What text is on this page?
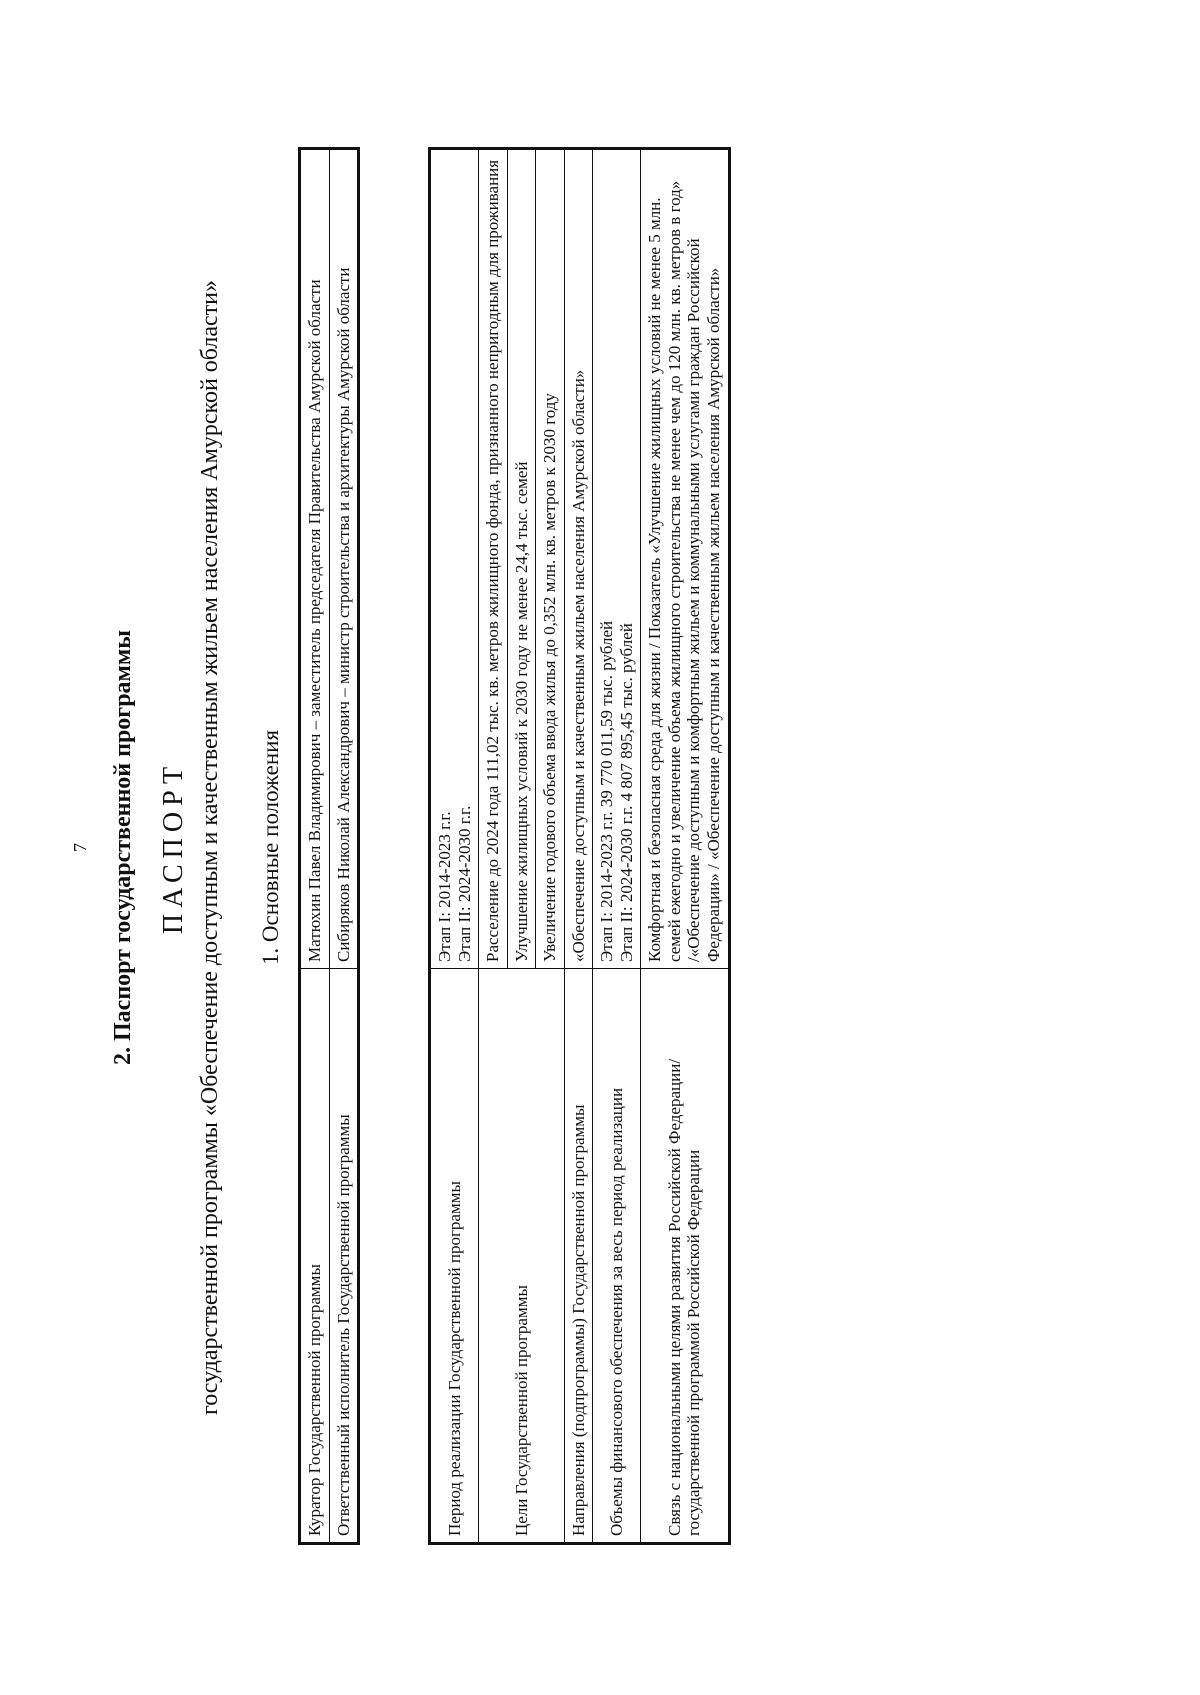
7 2. Паспорт государственной программы ПАСПОРТ государственной программы «Обеспечение доступным и качественным жильем населения Амурской области» 1. Основные положения
Куратор Государственной программы	Матюхин Павел Владимирович – заместитель председателя Правительства Амурской области
Ответственный исполнитель Государственной программы	Сибиряков Николай Александрович – министр строительства и архитектуры Амурской области
Период реализации Государственной программы	Этап I: 2014-2023 г.г. Этап II: 2024-2030 г.г.

Цели Государственной программы	Расселение до 2024 года 111,02 тыс. кв. метров жилищного фонда, признанного непригодным для проживания
	Улучшение жилищных условий к 2030 году не менее 24,4 тыс. семей
	Увеличение годового объема ввода жилья до 0,352 млн. кв. метров к 2030 году
Направления (подпрограммы) Государственной программы	«Обеспечение доступным и качественным жильем населения Амурской области»
Объемы финансового обеспечения за весь период реализации	Этап I: 2014-2023 г.г. 39 770 011,59 тыс. рублей Этап II: 2024-2030 г.г. 4 807 895,45 тыс. рублей

Связь с национальными целями развития Российской Федерации/ государственной программой Российской Федерации	Комфортная и безопасная среда для жизни / Показатель «Улучшение жилищных условий не менее 5 млн. семей ежегодно и увеличение объема жилищного строительства не менее чем до 120 млн. кв. метров в год» /«Обеспечение доступным и комфортным жильем и коммунальными услугами граждан Российской Федерации» / «Обеспечение доступным и качественным жильем населения Амурской области»
